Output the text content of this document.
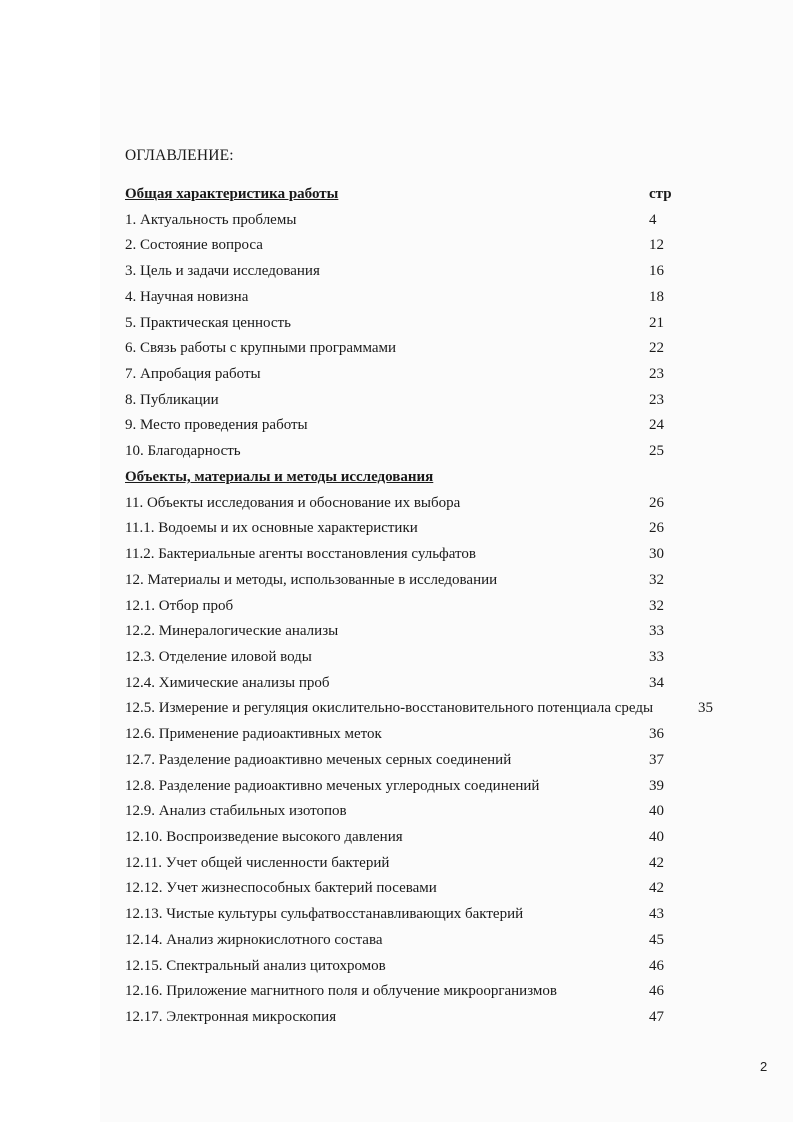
ОГЛАВЛЕНИЕ:
Общая характеристика работы	стр
1. Актуальность проблемы	4
2. Состояние вопроса	12
3. Цель и задачи исследования	16
4. Научная новизна	18
5. Практическая ценность	21
6. Связь работы с крупными программами	22
7. Апробация работы	23
8. Публикации	23
9. Место проведения работы	24
10. Благодарность	25
Объекты, материалы и методы исследования
11. Объекты исследования и обоснование их выбора	26
11.1. Водоемы и их основные характеристики	26
11.2. Бактериальные агенты восстановления сульфатов	30
12. Материалы и методы, использованные в исследовании	32
12.1. Отбор проб	32
12.2. Минералогические анализы	33
12.3. Отделение иловой воды	33
12.4. Химические анализы проб	34
12.5. Измерение и регуляция окислительно-восстановительного потенциала среды	35
12.6. Применение радиоактивных меток	36
12.7. Разделение радиоактивно меченых серных соединений	37
12.8. Разделение радиоактивно меченых углеродных соединений	39
12.9. Анализ стабильных изотопов	40
12.10. Воспроизведение высокого давления	40
12.11. Учет общей численности бактерий	42
12.12. Учет жизнеспособных бактерий посевами	42
12.13. Чистые культуры сульфатвосстанавливающих бактерий	43
12.14. Анализ жирнокислотного состава	45
12.15. Спектральный анализ цитохромов	46
12.16. Приложение магнитного поля и облучение микроорганизмов	46
12.17. Электронная микроскопия	47
2
